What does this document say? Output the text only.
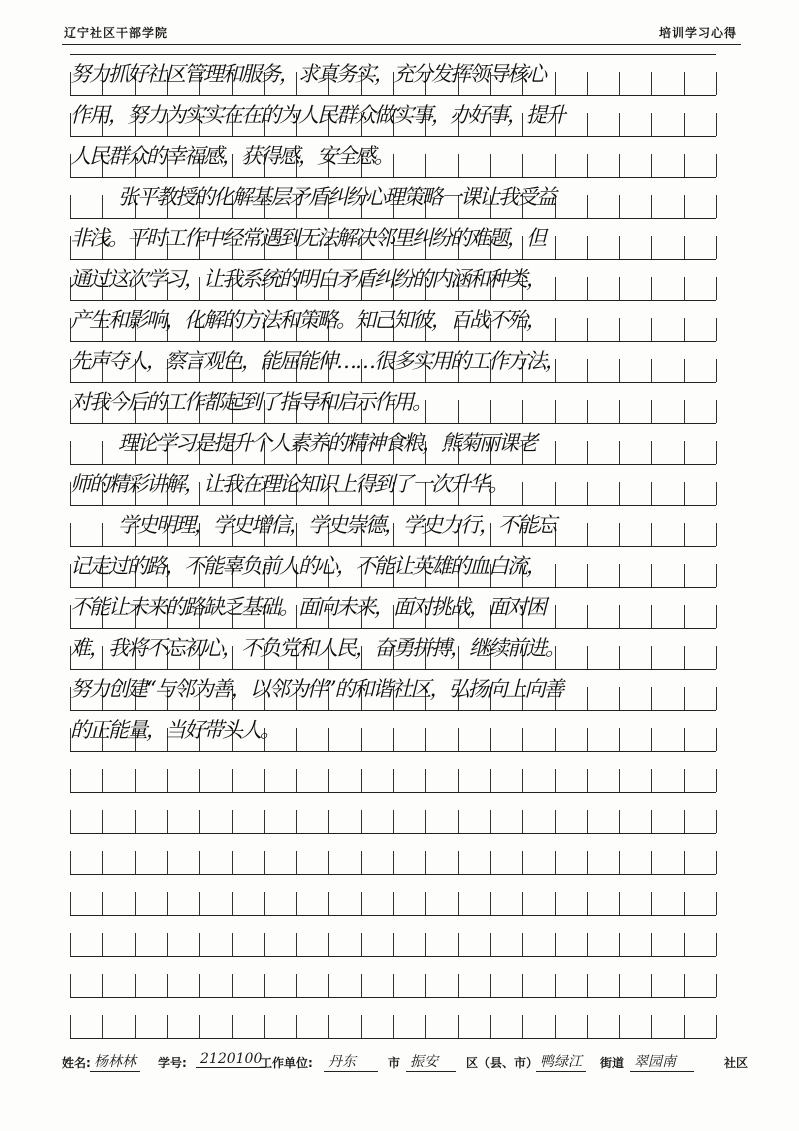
辽宁社区干部学院	培训学习心得
努力抓好社区管理和服务，求真务实，充分发挥领导核心
作用，努力为实实在在的为人民群众做实事，办好事，提升
人民群众的幸福感，获得感，安全感。
张平教授的化解基层矛盾纠纷心理策略一课让我受益
非浅。平时工作中经常遇到无法解决邻里纠纷的难题，但
通过这次学习，让我系统的明白矛盾纠纷的内涵和种类，
产生和影响，化解的方法和策略。知己知彼，百战不殆，
先声夺人，察言观色，能屈能伸……很多实用的工作方法，
对我今后的工作都起到了指导和启示作用。
理论学习是提升个人素养的精神食粮，熊菊丽课老
师的精彩讲解，让我在理论知识上得到了一次升华。
学史明理，学史增信，学史崇德，学史力行，不能忘
记走过的路，不能辜负前人的心，不能让英雄的血白流，
不能让未来的路缺乏基础。面向未来，面对挑战，面对困
难，我将不忘初心，不负党和人民，奋勇拼搏，继续前进。
努力创建“与邻为善，以邻为伴”的和谐社区，弘扬向上向善
的正能量，当好带头人。
姓名: 杨林林	学号: 2120100
工作单位: 丹东	市 振安	区（县、市） 鸭绿江	街道 翠园南	社区
